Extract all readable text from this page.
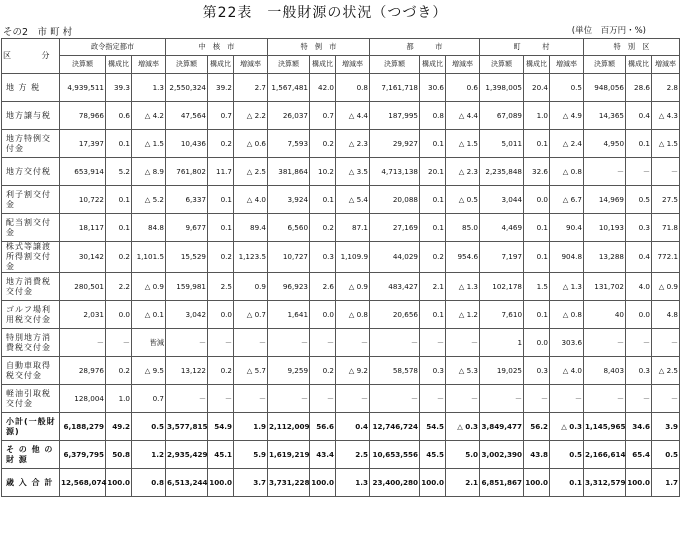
第22表　一般財源の状況（つづき）
その2　市 町 村	(単位　百万円・%)
区 分	政令指定都市			中　核　市			特　例　市			都　　　市			町　　　村			特　別　区		
	決算額	構成比	増減率	決算額	構成比	増減率	決算額	構成比	増減率	決算額	構成比	増減率	決算額	構成比	増減率	決算額	構成比	増減率
地 方 税	4,939,511	39.3	1.3	2,550,324	39.2	2.7	1,567,481	42.0	0.8	7,161,718	30.6	0.6	1,398,005	20.4	0.5	948,056	28.6	2.8
地方譲与税	78,966	0.6	△ 4.2	47,564	0.7	△ 2.2	26,037	0.7	△ 4.4	187,995	0.8	△ 4.4	67,089	1.0	△ 4.9	14,365	0.4	△ 4.3
地方特例交付金	17,397	0.1	△ 1.5	10,436	0.2	△ 0.6	7,593	0.2	△ 2.3	29,927	0.1	△ 1.5	5,011	0.1	△ 2.4	4,950	0.1	△ 1.5
地方交付税	653,914	5.2	△ 8.9	761,802	11.7	△ 2.5	381,864	10.2	△ 3.5	4,713,138	20.1	△ 2.3	2,235,848	32.6	△ 0.8	－	－	－
利子割交付金	10,722	0.1	△ 5.2	6,337	0.1	△ 4.0	3,924	0.1	△ 5.4	20,088	0.1	△ 0.5	3,044	0.0	△ 6.7	14,969	0.5	27.5
配当割交付金	18,117	0.1	84.8	9,677	0.1	89.4	6,560	0.2	87.1	27,169	0.1	85.0	4,469	0.1	90.4	10,193	0.3	71.8
株式等譲渡所得割交付金	30,142	0.2	1,101.5	15,529	0.2	1,123.5	10,727	0.3	1,109.9	44,029	0.2	954.6	7,197	0.1	904.8	13,288	0.4	772.1
地方消費税交付金	280,501	2.2	△ 0.9	159,981	2.5	0.9	96,923	2.6	△ 0.9	483,427	2.1	△ 1.3	102,178	1.5	△ 1.3	131,702	4.0	△ 0.9
ゴルフ場利用税交付金	2,031	0.0	△ 0.1	3,042	0.0	△ 0.7	1,641	0.0	△ 0.8	20,656	0.1	△ 1.2	7,610	0.1	△ 0.8	40	0.0	4.8
特別地方消費税交付金	－	－	皆減	－	－	－	－	－	－	－	－	－	1	0.0	303.6	－	－	－
自動車取得税交付金	28,976	0.2	△ 9.5	13,122	0.2	△ 5.7	9,259	0.2	△ 9.2	58,578	0.3	△ 5.3	19,025	0.3	△ 4.0	8,403	0.3	△ 2.5
軽油引取税交付金	128,004	1.0	0.7	－	－	－	－	－	－	－	－	－	－	－	－	－	－	－
小計(一般財源)	6,188,279	49.2	0.5	3,577,815	54.9	1.9	2,112,009	56.6	0.4	12,746,724	54.5	△ 0.3	3,849,477	56.2	△ 0.3	1,145,965	34.6	3.9
そ の 他 の 財 源	6,379,795	50.8	1.2	2,935,429	45.1	5.9	1,619,219	43.4	2.5	10,653,556	45.5	5.0	3,002,390	43.8	0.5	2,166,614	65.4	0.5
歳 入 合 計	12,568,074	100.0	0.8	6,513,244	100.0	3.7	3,731,228	100.0	1.3	23,400,280	100.0	2.1	6,851,867	100.0	0.1	3,312,579	100.0	1.7
